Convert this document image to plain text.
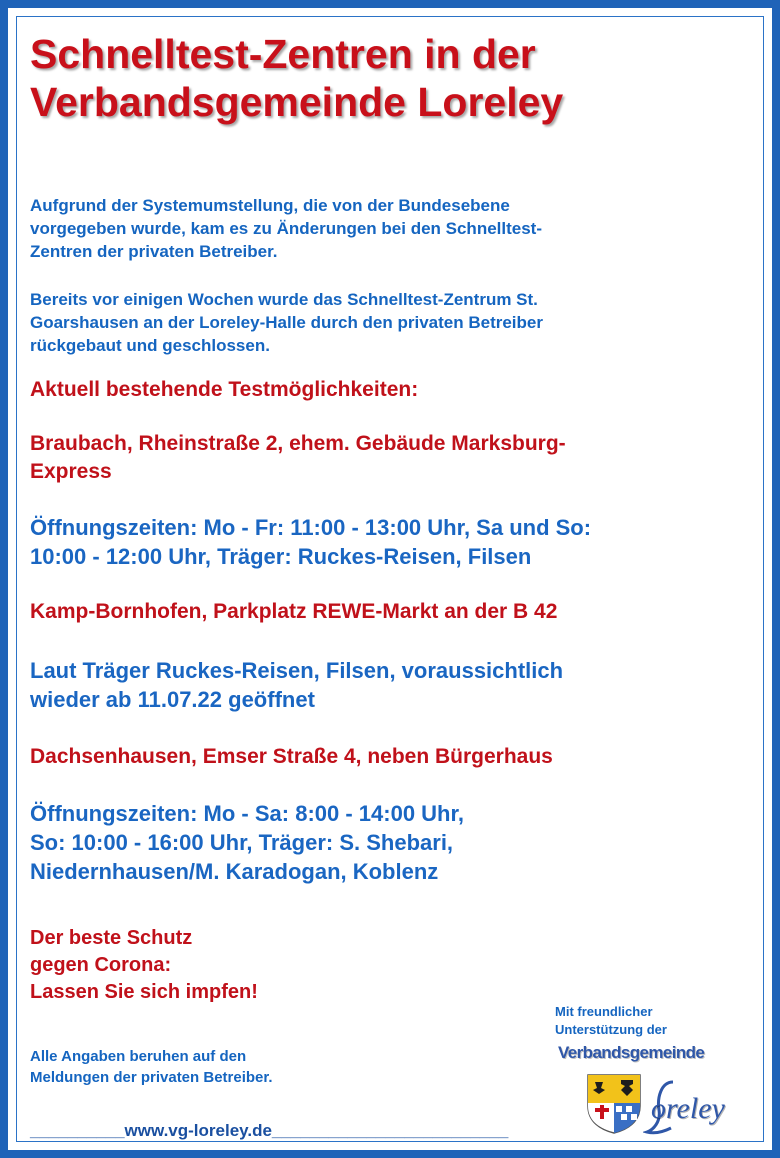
Schnelltest-Zentren in der
Verbandsgemeinde Loreley

Aufgrund der Systemumstellung, die von der Bundesebene
vorgegeben wurde, kam es zu Änderungen bei den Schnelltest-
Zentren der privaten Betreiber.

Bereits vor einigen Wochen wurde das Schnelltest-Zentrum St.
Goarshausen an der Loreley-Halle durch den privaten Betreiber
rückgebaut und geschlossen.

Aktuell bestehende Testmöglichkeiten:

Braubach, Rheinstraße 2, ehem. Gebäude Marksburg-
Express

Öffnungszeiten: Mo - Fr: 11:00 - 13:00 Uhr, Sa und So:
10:00 - 12:00 Uhr, Träger: Ruckes-Reisen, Filsen

Kamp-Bornhofen, Parkplatz REWE-Markt an der B 42

Laut Träger Ruckes-Reisen, Filsen, voraussichtlich
wieder ab 11.07.22 geöffnet

Dachsenhausen, Emser Straße 4, neben Bürgerhaus

Öffnungszeiten: Mo - Sa: 8:00 - 14:00 Uhr,
So: 10:00 - 16:00 Uhr, Träger: S. Shebari,
Niedernhausen/M. Karadogan, Koblenz

Der beste Schutz
gegen Corona:
Lassen Sie sich impfen!

Alle Angaben beruhen auf den
Meldungen der privaten Betreiber.

__________www.vg-loreley.de_________________________

Mit freundlicher
Unterstützung der

Verbandsgemeinde
oreley
